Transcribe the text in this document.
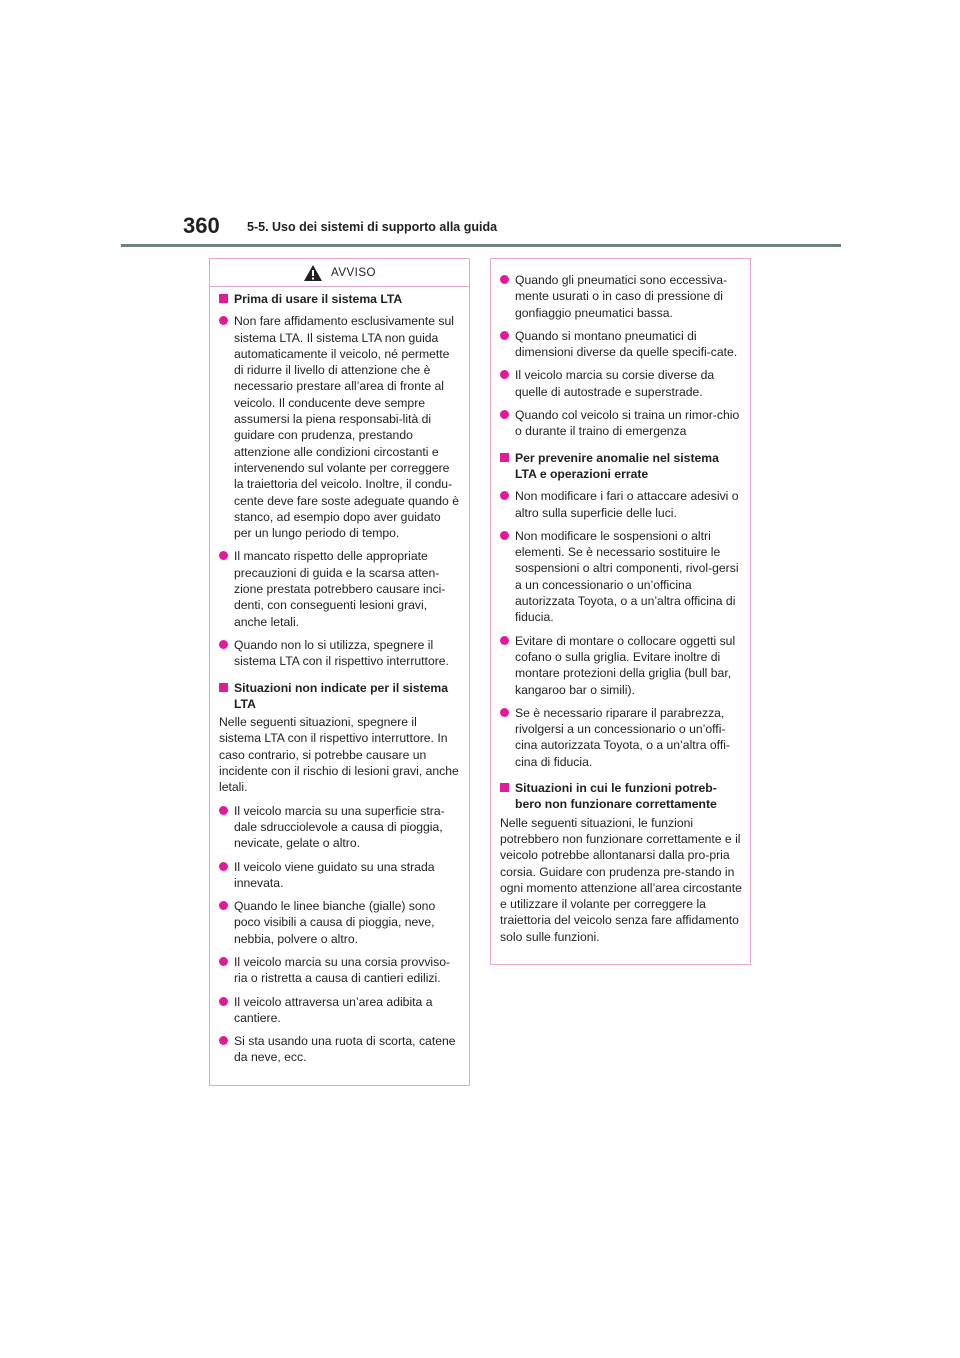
360 5-5. Uso dei sistemi di supporto alla guida
AVVISO
Prima di usare il sistema LTA
Non fare affidamento esclusivamente sul sistema LTA. Il sistema LTA non guida automaticamente il veicolo, né permette di ridurre il livello di attenzione che è necessario prestare all’area di fronte al veicolo. Il conducente deve sempre assumersi la piena responsabi-lità di guidare con prudenza, prestando attenzione alle condizioni circostanti e intervenendo sul volante per correggere la traiettoria del veicolo. Inoltre, il condu-cente deve fare soste adeguate quando è stanco, ad esempio dopo aver guidato per un lungo periodo di tempo.
Il mancato rispetto delle appropriate precauzioni di guida e la scarsa atten-zione prestata potrebbero causare inci-denti, con conseguenti lesioni gravi, anche letali.
Quando non lo si utilizza, spegnere il sistema LTA con il rispettivo interruttore.
Situazioni non indicate per il sistema LTA
Nelle seguenti situazioni, spegnere il sistema LTA con il rispettivo interruttore. In caso contrario, si potrebbe causare un incidente con il rischio di lesioni gravi, anche letali.
Il veicolo marcia su una superficie stra-dale sdrucciolevole a causa di pioggia, nevicate, gelate o altro.
Il veicolo viene guidato su una strada innevata.
Quando le linee bianche (gialle) sono poco visibili a causa di pioggia, neve, nebbia, polvere o altro.
Il veicolo marcia su una corsia provviso-ria o ristretta a causa di cantieri edilizi.
Il veicolo attraversa un’area adibita a cantiere.
Si sta usando una ruota di scorta, catene da neve, ecc.
Quando gli pneumatici sono eccessiva-mente usurati o in caso di pressione di gonfiaggio pneumatici bassa.
Quando si montano pneumatici di dimensioni diverse da quelle specifi-cate.
Il veicolo marcia su corsie diverse da quelle di autostrade e superstrade.
Quando col veicolo si traina un rimor-chio o durante il traino di emergenza
Per prevenire anomalie nel sistema LTA e operazioni errate
Non modificare i fari o attaccare adesivi o altro sulla superficie delle luci.
Non modificare le sospensioni o altri elementi. Se è necessario sostituire le sospensioni o altri componenti, rivol-gersi a un concessionario o un’officina autorizzata Toyota, o a un’altra officina di fiducia.
Evitare di montare o collocare oggetti sul cofano o sulla griglia. Evitare inoltre di montare protezioni della griglia (bull bar, kangaroo bar o simili).
Se è necessario riparare il parabrezza, rivolgersi a un concessionario o un’offi-cina autorizzata Toyota, o a un’altra offi-cina di fiducia.
Situazioni in cui le funzioni potreb-bero non funzionare correttamente
Nelle seguenti situazioni, le funzioni potrebbero non funzionare correttamente e il veicolo potrebbe allontanarsi dalla pro-pria corsia. Guidare con prudenza pre-stando in ogni momento attenzione all’area circostante e utilizzare il volante per correggere la traiettoria del veicolo senza fare affidamento solo sulle funzioni.
